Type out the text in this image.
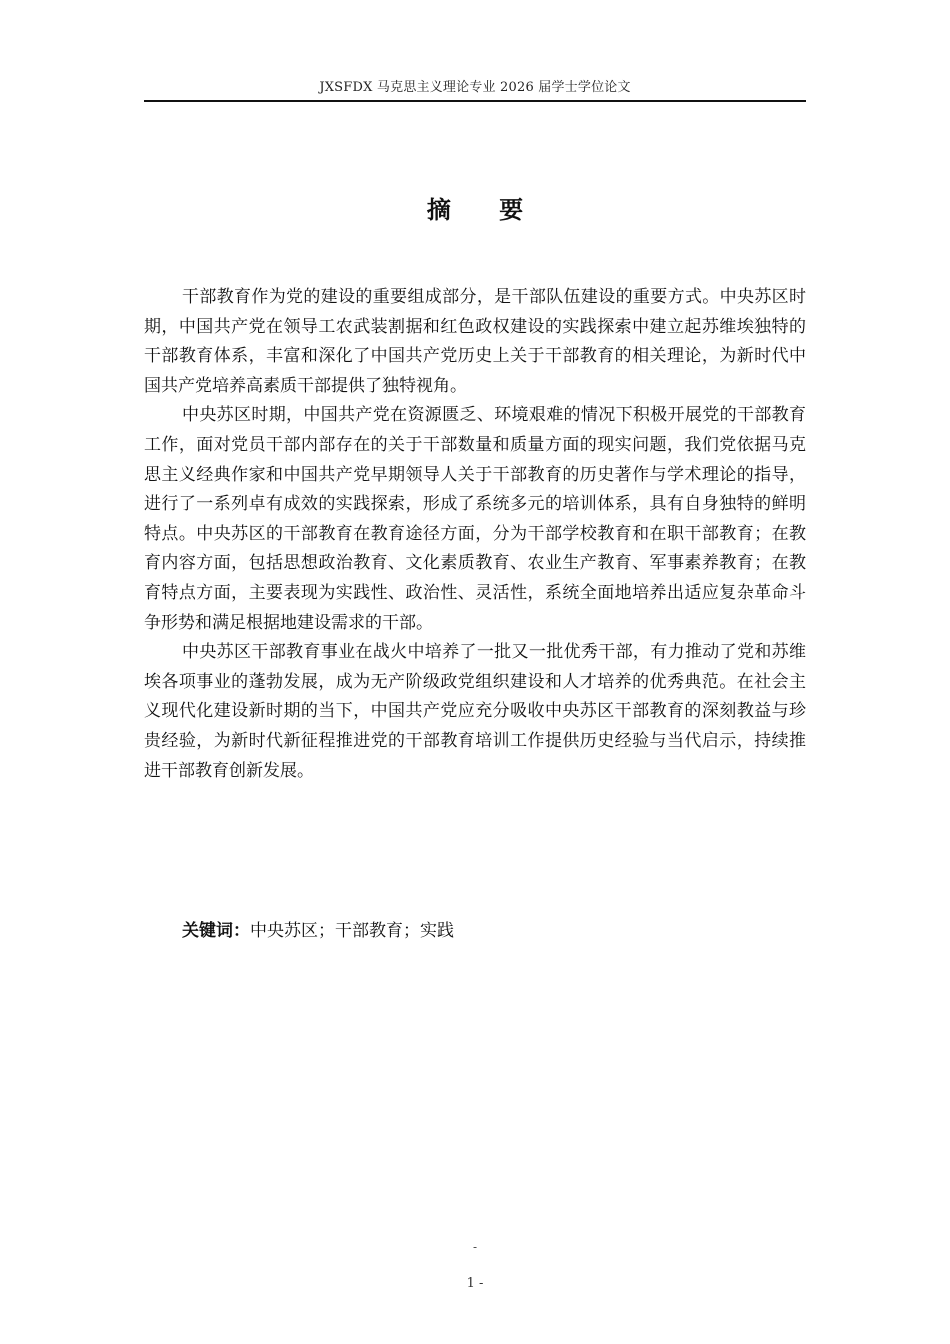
JXSFDX 马克思主义理论专业 2026 届学士学位论文
摘 要

干部教育作为党的建设的重要组成部分，是干部队伍建设的重要方式。中央苏区时期，中国共产党在领导工农武装割据和红色政权建设的实践探索中建立起苏维埃独特的干部教育体系，丰富和深化了中国共产党历史上关于干部教育的相关理论，为新时代中国共产党培养高素质干部提供了独特视角。

中央苏区时期，中国共产党在资源匮乏、环境艰难的情况下积极开展党的干部教育工作，面对党员干部内部存在的关于干部数量和质量方面的现实问题，我们党依据马克思主义经典作家和中国共产党早期领导人关于干部教育的历史著作与学术理论的指导，进行了一系列卓有成效的实践探索，形成了系统多元的培训体系，具有自身独特的鲜明特点。中央苏区的干部教育在教育途径方面，分为干部学校教育和在职干部教育；在教育内容方面，包括思想政治教育、文化素质教育、农业生产教育、军事素养教育；在教育特点方面，主要表现为实践性、政治性、灵活性，系统全面地培养出适应复杂革命斗争形势和满足根据地建设需求的干部。

中央苏区干部教育事业在战火中培养了一批又一批优秀干部，有力推动了党和苏维埃各项事业的蓬勃发展，成为无产阶级政党组织建设和人才培养的优秀典范。在社会主义现代化建设新时期的当下，中国共产党应充分吸收中央苏区干部教育的深刻教益与珍贵经验，为新时代新征程推进党的干部教育培训工作提供历史经验与当代启示，持续推进干部教育创新发展。

关键词：中央苏区；干部教育；实践
-
1 -
